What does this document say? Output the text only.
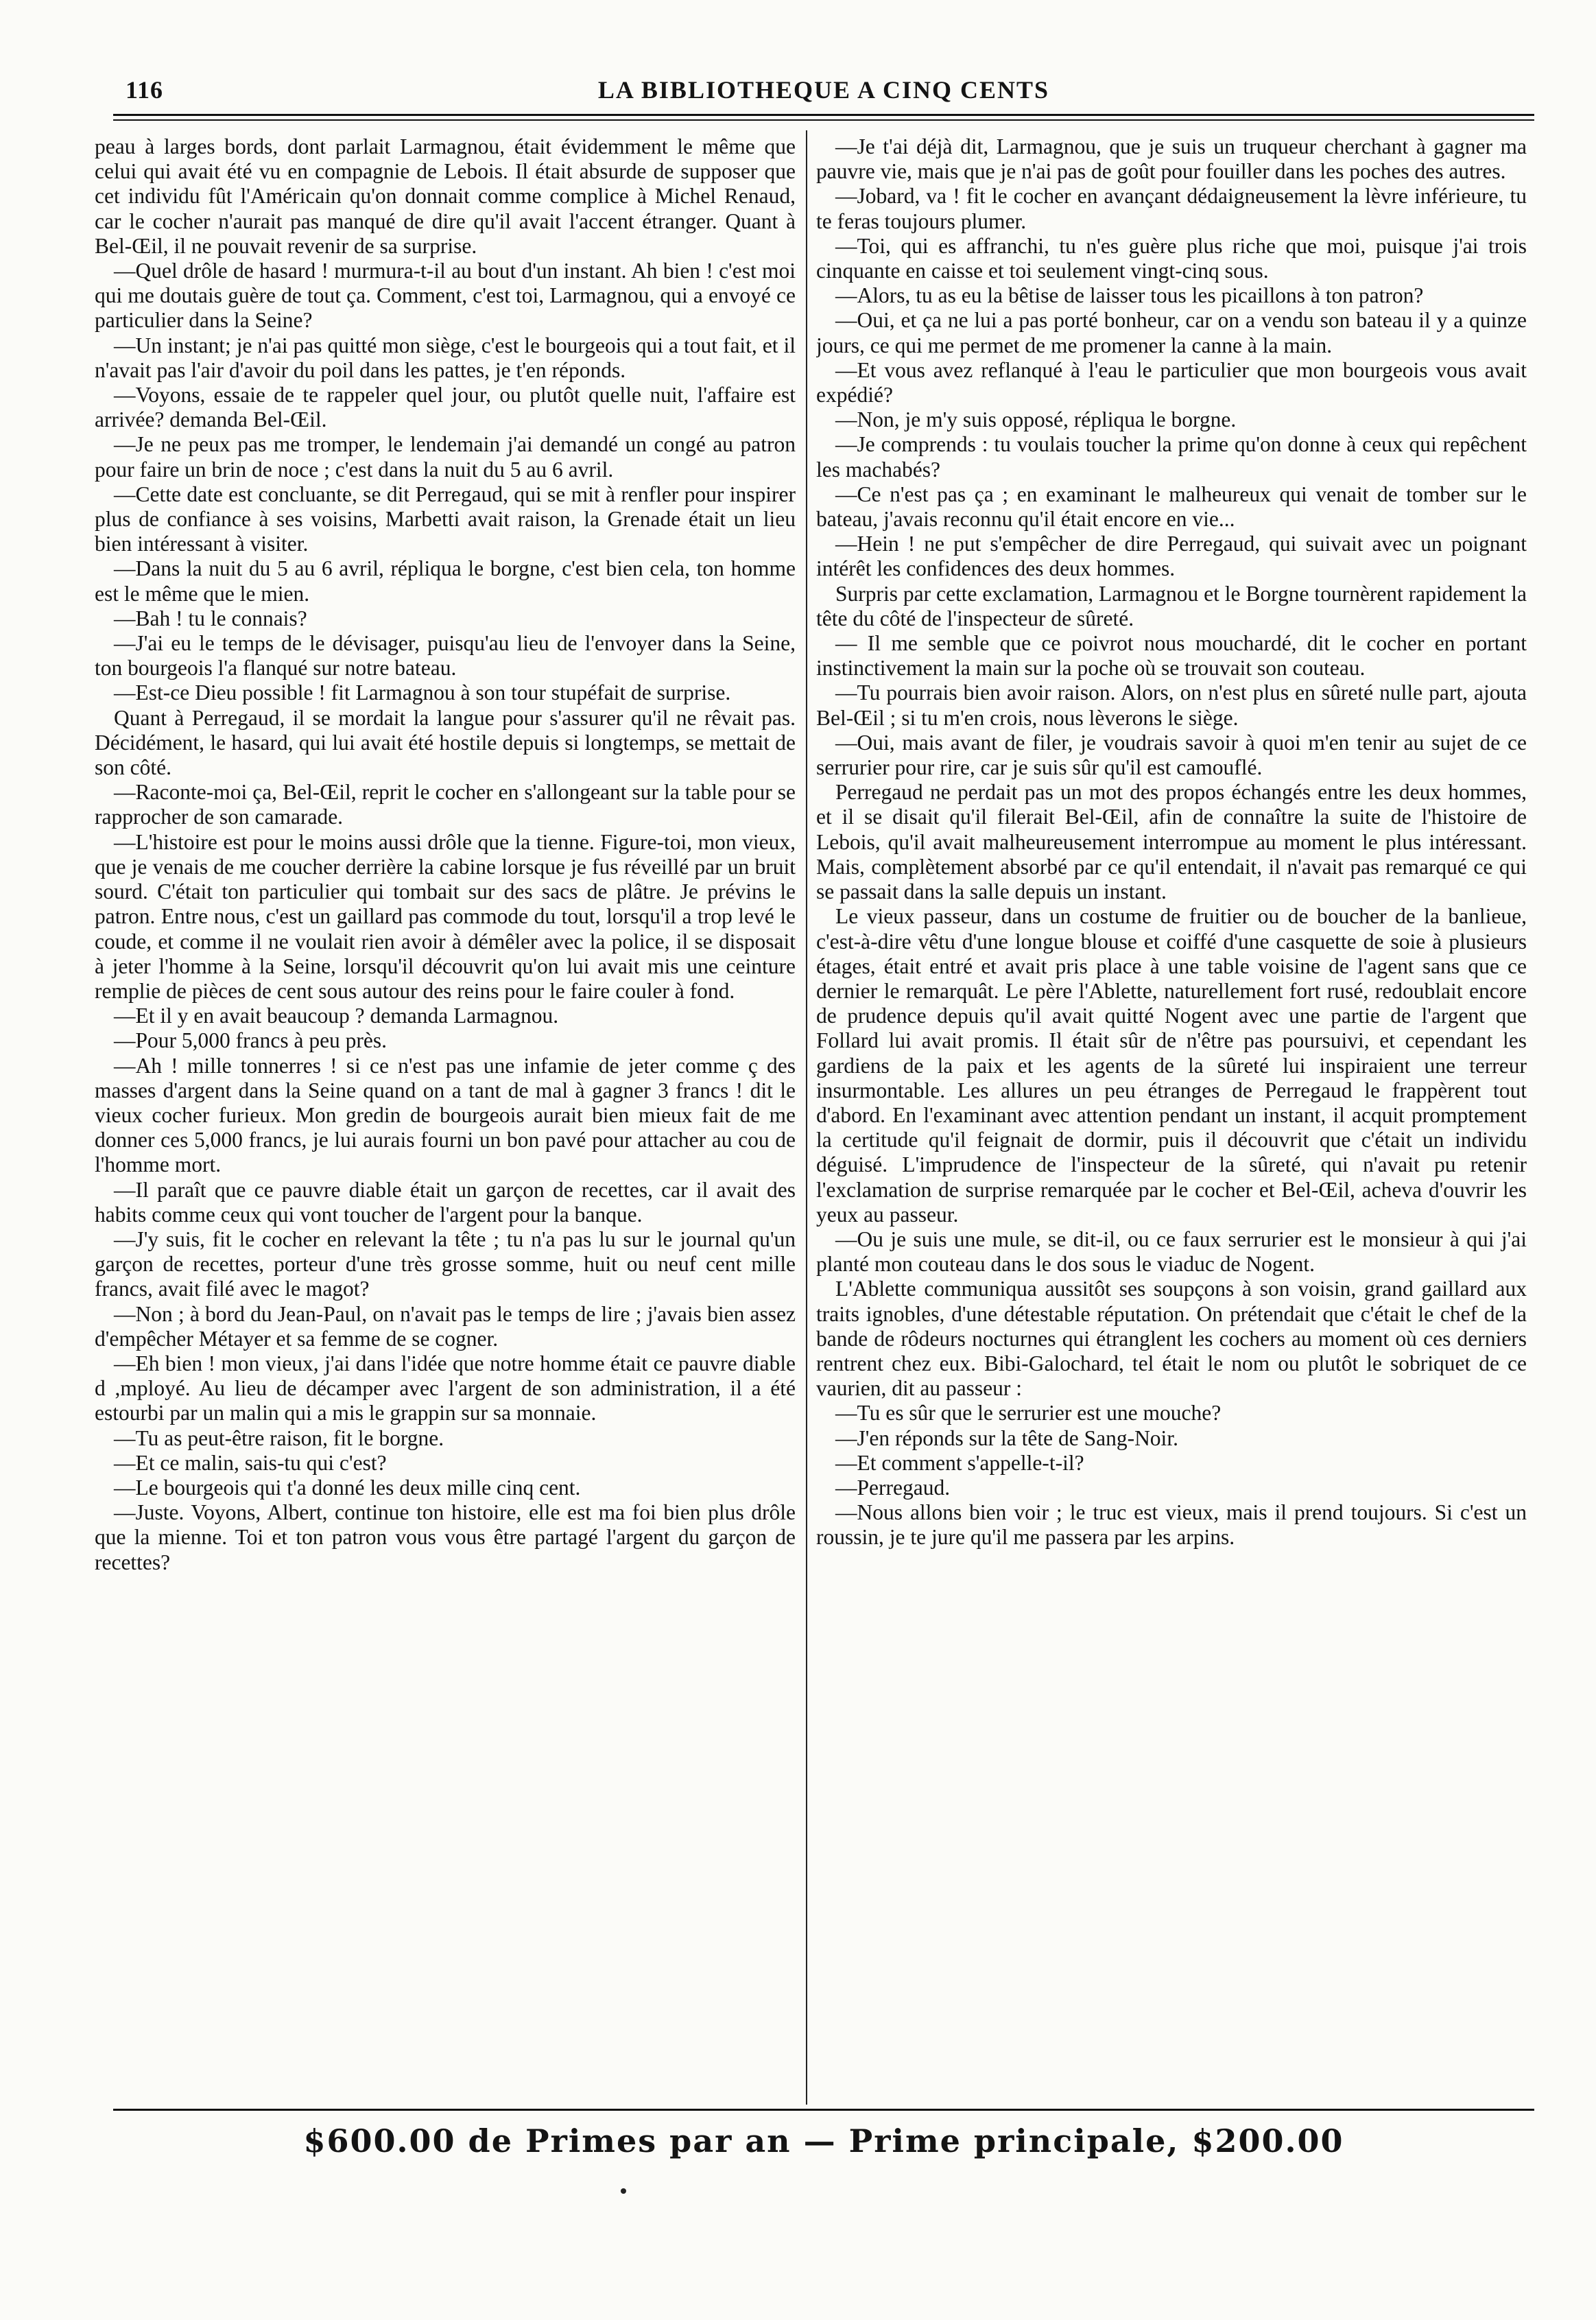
116	LA BIBLIOTHEQUE A CINQ CENTS

peau à larges bords, dont parlait Larmagnou, était évidemment le même que celui qui avait été vu en compagnie de Lebois. Il était absurde de supposer que cet individu fût l'Américain qu'on donnait comme complice à Michel Renaud, car le cocher n'aurait pas manqué de dire qu'il avait l'accent étranger. Quant à Bel-Œil, il ne pouvait revenir de sa surprise.

—Quel drôle de hasard ! murmura-t-il au bout d'un instant. Ah bien ! c'est moi qui me doutais guère de tout ça. Comment, c'est toi, Larmagnou, qui a envoyé ce particulier dans la Seine?

—Un instant; je n'ai pas quitté mon siège, c'est le bourgeois qui a tout fait, et il n'avait pas l'air d'avoir du poil dans les pattes, je t'en réponds.

—Voyons, essaie de te rappeler quel jour, ou plutôt quelle nuit, l'affaire est arrivée? demanda Bel-Œil.

—Je ne peux pas me tromper, le lendemain j'ai demandé un congé au patron pour faire un brin de noce ; c'est dans la nuit du 5 au 6 avril.

—Cette date est concluante, se dit Perregaud, qui se mit à renfler pour inspirer plus de confiance à ses voisins, Marbetti avait raison, la Grenade était un lieu bien intéressant à visiter.

—Dans la nuit du 5 au 6 avril, répliqua le borgne, c'est bien cela, ton homme est le même que le mien.

—Bah ! tu le connais?

—J'ai eu le temps de le dévisager, puisqu'au lieu de l'envoyer dans la Seine, ton bourgeois l'a flanqué sur notre bateau.

—Est-ce Dieu possible ! fit Larmagnou à son tour stupéfait de surprise.

Quant à Perregaud, il se mordait la langue pour s'assurer qu'il ne rêvait pas. Décidément, le hasard, qui lui avait été hostile depuis si longtemps, se mettait de son côté.

—Raconte-moi ça, Bel-Œil, reprit le cocher en s'allongeant sur la table pour se rapprocher de son camarade.

—L'histoire est pour le moins aussi drôle que la tienne. Figure-toi, mon vieux, que je venais de me coucher derrière la cabine lorsque je fus réveillé par un bruit sourd. C'était ton particulier qui tombait sur des sacs de plâtre. Je prévins le patron. Entre nous, c'est un gaillard pas commode du tout, lorsqu'il a trop levé le coude, et comme il ne voulait rien avoir à démêler avec la police, il se disposait à jeter l'homme à la Seine, lorsqu'il découvrit qu'on lui avait mis une ceinture remplie de pièces de cent sous autour des reins pour le faire couler à fond.

—Et il y en avait beaucoup ? demanda Larmagnou.

—Pour 5,000 francs à peu près.

—Ah ! mille tonnerres ! si ce n'est pas une infamie de jeter comme ç des masses d'argent dans la Seine quand on a tant de mal à gagner 3 francs ! dit le vieux cocher furieux. Mon gredin de bourgeois aurait bien mieux fait de me donner ces 5,000 francs, je lui aurais fourni un bon pavé pour attacher au cou de l'homme mort.

—Il paraît que ce pauvre diable était un garçon de recettes, car il avait des habits comme ceux qui vont toucher de l'argent pour la banque.

—J'y suis, fit le cocher en relevant la tête ; tu n'a pas lu sur le journal qu'un garçon de recettes, porteur d'une très grosse somme, huit ou neuf cent mille francs, avait filé avec le magot?

—Non ; à bord du Jean-Paul, on n'avait pas le temps de lire ; j'avais bien assez d'empêcher Métayer et sa femme de se cogner.

—Eh bien ! mon vieux, j'ai dans l'idée que notre homme était ce pauvre diable d ,mployé. Au lieu de décamper avec l'argent de son administration, il a été estourbi par un malin qui a mis le grappin sur sa monnaie.

—Tu as peut-être raison, fit le borgne.

—Et ce malin, sais-tu qui c'est?

—Le bourgeois qui t'a donné les deux mille cinq cent.

—Juste. Voyons, Albert, continue ton histoire, elle est ma foi bien plus drôle que la mienne. Toi et ton patron vous vous être partagé l'argent du garçon de recettes?

—Je t'ai déjà dit, Larmagnou, que je suis un truqueur cherchant à gagner ma pauvre vie, mais que je n'ai pas de goût pour fouiller dans les poches des autres.

—Jobard, va ! fit le cocher en avançant dédaigneusement la lèvre inférieure, tu te feras toujours plumer.

—Toi, qui es affranchi, tu n'es guère plus riche que moi, puisque j'ai trois cinquante en caisse et toi seulement vingt-cinq sous.

—Alors, tu as eu la bêtise de laisser tous les picaillons à ton patron?

—Oui, et ça ne lui a pas porté bonheur, car on a vendu son bateau il y a quinze jours, ce qui me permet de me promener la canne à la main.

—Et vous avez reflanqué à l'eau le particulier que mon bourgeois vous avait expédié?

—Non, je m'y suis opposé, répliqua le borgne.

—Je comprends : tu voulais toucher la prime qu'on donne à ceux qui repêchent les machabés?

—Ce n'est pas ça ; en examinant le malheureux qui venait de tomber sur le bateau, j'avais reconnu qu'il était encore en vie...

—Hein ! ne put s'empêcher de dire Perregaud, qui suivait avec un poignant intérêt les confidences des deux hommes.

Surpris par cette exclamation, Larmagnou et le Borgne tournèrent rapidement la tête du côté de l'inspecteur de sûreté.

— Il me semble que ce poivrot nous mouchardé, dit le cocher en portant instinctivement la main sur la poche où se trouvait son couteau.

—Tu pourrais bien avoir raison. Alors, on n'est plus en sûreté nulle part, ajouta Bel-Œil ; si tu m'en crois, nous lèverons le siège.

—Oui, mais avant de filer, je voudrais savoir à quoi m'en tenir au sujet de ce serrurier pour rire, car je suis sûr qu'il est camouflé.

Perregaud ne perdait pas un mot des propos échangés entre les deux hommes, et il se disait qu'il filerait Bel-Œil, afin de connaître la suite de l'histoire de Lebois, qu'il avait malheureusement interrompue au moment le plus intéressant. Mais, complètement absorbé par ce qu'il entendait, il n'avait pas remarqué ce qui se passait dans la salle depuis un instant.

Le vieux passeur, dans un costume de fruitier ou de boucher de la banlieue, c'est-à-dire vêtu d'une longue blouse et coiffé d'une casquette de soie à plusieurs étages, était entré et avait pris place à une table voisine de l'agent sans que ce dernier le remarquât. Le père l'Ablette, naturellement fort rusé, redoublait encore de prudence depuis qu'il avait quitté Nogent avec une partie de l'argent que Follard lui avait promis. Il était sûr de n'être pas poursuivi, et cependant les gardiens de la paix et les agents de la sûreté lui inspiraient une terreur insurmontable. Les allures un peu étranges de Perregaud le frappèrent tout d'abord. En l'examinant avec attention pendant un instant, il acquit promptement la certitude qu'il feignait de dormir, puis il découvrit que c'était un individu déguisé. L'imprudence de l'inspecteur de la sûreté, qui n'avait pu retenir l'exclamation de surprise remarquée par le cocher et Bel-Œil, acheva d'ouvrir les yeux au passeur.

—Ou je suis une mule, se dit-il, ou ce faux serrurier est le monsieur à qui j'ai planté mon couteau dans le dos sous le viaduc de Nogent.

L'Ablette communiqua aussitôt ses soupçons à son voisin, grand gaillard aux traits ignobles, d'une détestable réputation. On prétendait que c'était le chef de la bande de rôdeurs nocturnes qui étranglent les cochers au moment où ces derniers rentrent chez eux. Bibi-Galochard, tel était le nom ou plutôt le sobriquet de ce vaurien, dit au passeur :

—Tu es sûr que le serrurier est une mouche?

—J'en réponds sur la tête de Sang-Noir.

—Et comment s'appelle-t-il?

—Perregaud.

—Nous allons bien voir ; le truc est vieux, mais il prend toujours. Si c'est un roussin, je te jure qu'il me passera par les arpins.

$600.00 de Primes par an — Prime principale, $200.00
